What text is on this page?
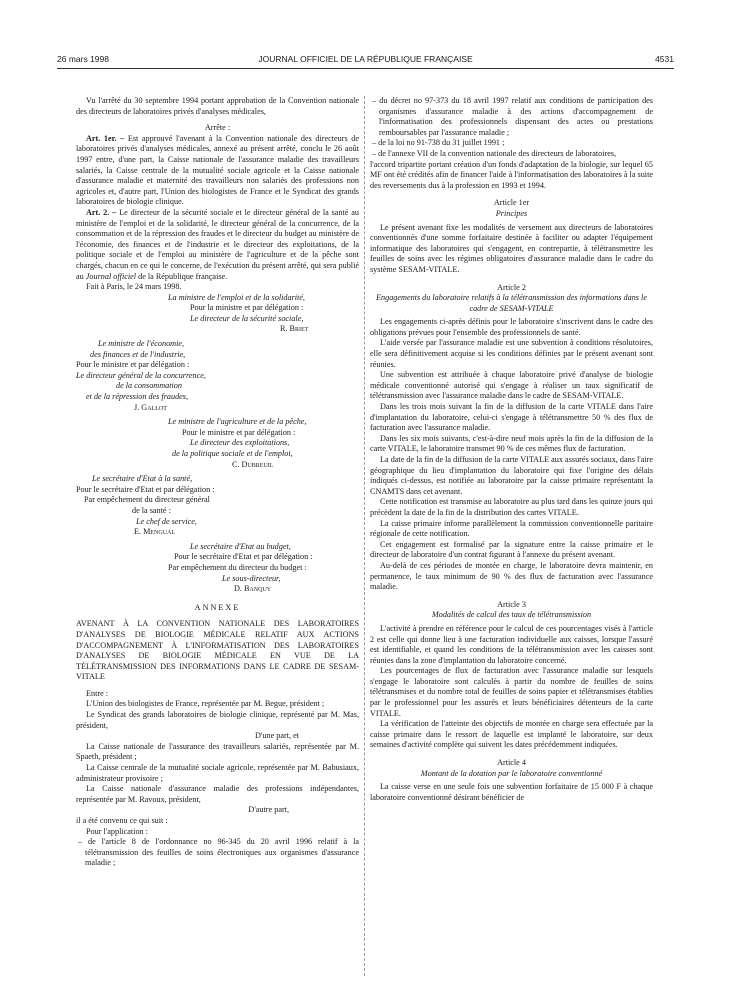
26 mars 1998	JOURNAL OFFICIEL DE LA RÉPUBLIQUE FRANÇAISE	4531

Vu l'arrêté du 30 septembre 1994 portant approbation de la Convention nationale des directeurs de laboratoires privés d'analyses médicales,

Arrête :

Art. 1er. – Est approuvé l'avenant à la Convention nationale des directeurs de laboratoires privés d'analyses médicales, annexé au présent arrêté, conclu le 26 août 1997 entre, d'une part, la Caisse nationale de l'assurance maladie des travailleurs salariés, la Caisse centrale de la mutualité sociale agricole et la Caisse nationale d'assurance maladie et maternité des travailleurs non salariés des professions non agricoles et, d'autre part, l'Union des biologistes de France et le Syndicat des grands laboratoires de biologie clinique.

Art. 2. – Le directeur de la sécurité sociale et le directeur général de la santé au ministère de l'emploi et de la solidarité, le directeur général de la concurrence, de la consommation et de la répression des fraudes et le directeur du budget au ministère de l'économie, des finances et de l'industrie et le directeur des exploitations, de la politique sociale et de l'emploi au ministère de l'agriculture et de la pêche sont chargés, chacun en ce qui le concerne, de l'exécution du présent arrêté, qui sera publié au Journal officiel de la République française.

Fait à Paris, le 24 mars 1998.

La ministre de l'emploi et de la solidarité,

Pour la ministre et par délégation :

Le directeur de la sécurité sociale,

R. Briet

Le ministre de l'économie,

des finances et de l'industrie,

Pour le ministre et par délégation :

Le directeur général de la concurrence,

de la consommation

et de la répression des fraudes,

J. Gallot

Le ministre de l'agriculture et de la pêche,

Pour le ministre et par délégation :

Le directeur des exploitations,

de la politique sociale et de l'emploi,

C. Dubreuil

Le secrétaire d'Etat à la santé,

Pour le secrétaire d'Etat et par délégation :

Par empêchement du directeur général

de la santé :

Le chef de service,

E. Mengual

Le secrétaire d'Etat au budget,

Pour le secrétaire d'Etat et par délégation :

Par empêchement du directeur du budget :

Le sous-directeur,

D. Banquy

ANNEXE

AVENANT À LA CONVENTION NATIONALE DES LABORATOIRES D'ANALYSES DE BIOLOGIE MÉDICALE RELATIF AUX ACTIONS D'ACCOMPAGNEMENT À L'INFORMATISATION DES LABORATOIRES D'ANALYSES DE BIOLOGIE MÉDICALE EN VUE DE LA TÉLÉTRANSMISSION DES INFORMATIONS DANS LE CADRE DE SESAM-VITALE

Entre :

L'Union des biologistes de France, représentée par M. Begue, président ;

Le Syndicat des grands laboratoires de biologie clinique, représenté par M. Mas, président,

D'une part, et

La Caisse nationale de l'assurance des travailleurs salariés, représentée par M. Spaeth, président ;

La Caisse centrale de la mutualité sociale agricole, représentée par M. Babusiaux, administrateur provisoire ;

La Caisse nationale d'assurance maladie des professions indépendantes, représentée par M. Ravoux, président,

D'autre part,

il a été convenu ce qui suit :

Pour l'application :

– de l'article 8 de l'ordonnance no 96-345 du 20 avril 1996 relatif à la télétransmission des feuilles de soins électroniques aux organismes d'assurance maladie ;

– du décret no 97-373 du 18 avril 1997 relatif aux conditions de participation des organismes d'assurance maladie à des actions d'accompagnement de l'informatisation des professionnels dispensant des actes ou prestations remboursables par l'assurance maladie ;

– de la loi no 91-738 du 31 juillet 1991 ;

– de l'annexe VII de la convention nationale des directeurs de laboratoires,

l'accord tripartite portant création d'un fonds d'adaptation de la biologie, sur lequel 65 MF ont été crédités afin de financer l'aide à l'informatisation des laboratoires à la suite des reversements dus à la profession en 1993 et 1994.

Article 1er

Principes

Le présent avenant fixe les modalités de versement aux directeurs de laboratoires conventionnés d'une somme forfaitaire destinée à faciliter ou adapter l'équipement informatique des laboratoires qui s'engagent, en contrepartie, à télétransmettre les feuilles de soins avec les régimes obligatoires d'assurance maladie dans le cadre du système SESAM-VITALE.

Article 2

Engagements du laboratoire relatifs à la télétransmission des informations dans le cadre de SESAM-VITALE

Les engagements ci-après définis pour le laboratoire s'inscrivent dans le cadre des obligations prévues pour l'ensemble des professionnels de santé.

L'aide versée par l'assurance maladie est une subvention à conditions résolutoires, elle sera définitivement acquise si les conditions définies par le présent avenant sont réunies.

Une subvention est attribuée à chaque laboratoire privé d'analyse de biologie médicale conventionné autorisé qui s'engage à réaliser un taux significatif de télétransmission avec l'assurance maladie dans le cadre de SESAM-VITALE.

Dans les trois mois suivant la fin de la diffusion de la carte VITALE dans l'aire d'implantation du laboratoire, celui-ci s'engage à télétransmettre 50 % des flux de facturation avec l'assurance maladie.

Dans les six mois suivants, c'est-à-dire neuf mois après la fin de la diffusion de la carte VITALE, le laboratoire transmet 90 % de ces mêmes flux de facturation.

La date de la fin de la diffusion de la carte VITALE aux assurés sociaux, dans l'aire géographique du lieu d'implantation du laboratoire qui fixe l'origine des délais indiqués ci-dessus, est notifiée au laboratoire par la caisse primaire représentant la CNAMTS dans cet avenant.

Cette notification est transmise au laboratoire au plus tard dans les quinze jours qui précèdent la date de la fin de la distribution des cartes VITALE.

La caisse primaire informe parallèlement la commission conventionnelle paritaire régionale de cette notification.

Cet engagement est formalisé par la signature entre la caisse primaire et le directeur de laboratoire d'un contrat figurant à l'annexe du présent avenant.

Au-delà de ces périodes de montée en charge, le laboratoire devra maintenir, en permanence, le taux minimum de 90 % des flux de facturation avec l'assurance maladie.

Article 3

Modalités de calcul des taux de télétransmission

L'activité à prendre en référence pour le calcul de ces pourcentages visés à l'article 2 est celle qui donne lieu à une facturation individuelle aux caisses, lorsque l'assuré est identifiable, et quand les conditions de la télétransmission avec les caisses sont réunies dans la zone d'implantation du laboratoire concerné.

Les pourcentages de flux de facturation avec l'assurance maladie sur lesquels s'engage le laboratoire sont calculés à partir du nombre de feuilles de soins télétransmises et du nombre total de feuilles de soins papier et télétransmises établies par le professionnel pour les assurés et leurs bénéficiaires détenteurs de la carte VITALE.

La vérification de l'atteinte des objectifs de montée en charge sera effectuée par la caisse primaire dans le ressort de laquelle est implanté le laboratoire, sur deux semaines d'activité complète qui suivent les dates précédemment indiquées.

Article 4

Montant de la dotation par le laboratoire conventionné

La caisse verse en une seule fois une subvention forfaitaire de 15 000 F à chaque laboratoire conventionné désirant bénéficier de
